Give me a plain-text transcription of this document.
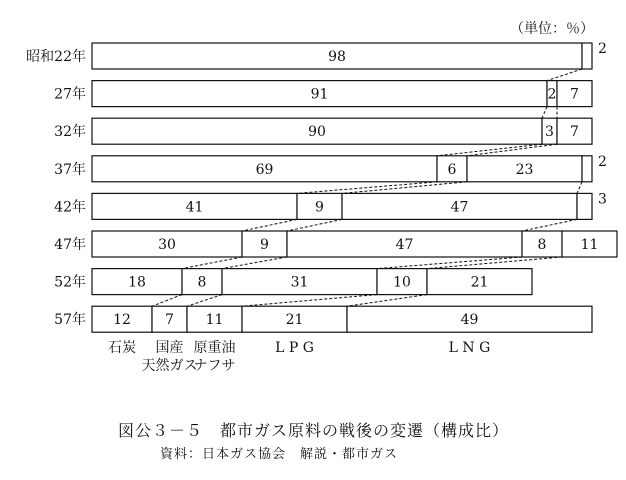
（単位：％）
昭和22年	98	2
27年	91	2 7
32年	90	3 7
37年	69	6	23	2
42年	41	9	47	3
47年	30	9	47	8 11
52年	18	8	31	10	21
57年 12 7 11	21	49
石炭 国産
天然ガス
原重油
ナフサ
L P G	L N G
図公３－５　都市ガス原料の戦後の変遷（構成比）
資料：日本ガス協会　解説・都市ガス
